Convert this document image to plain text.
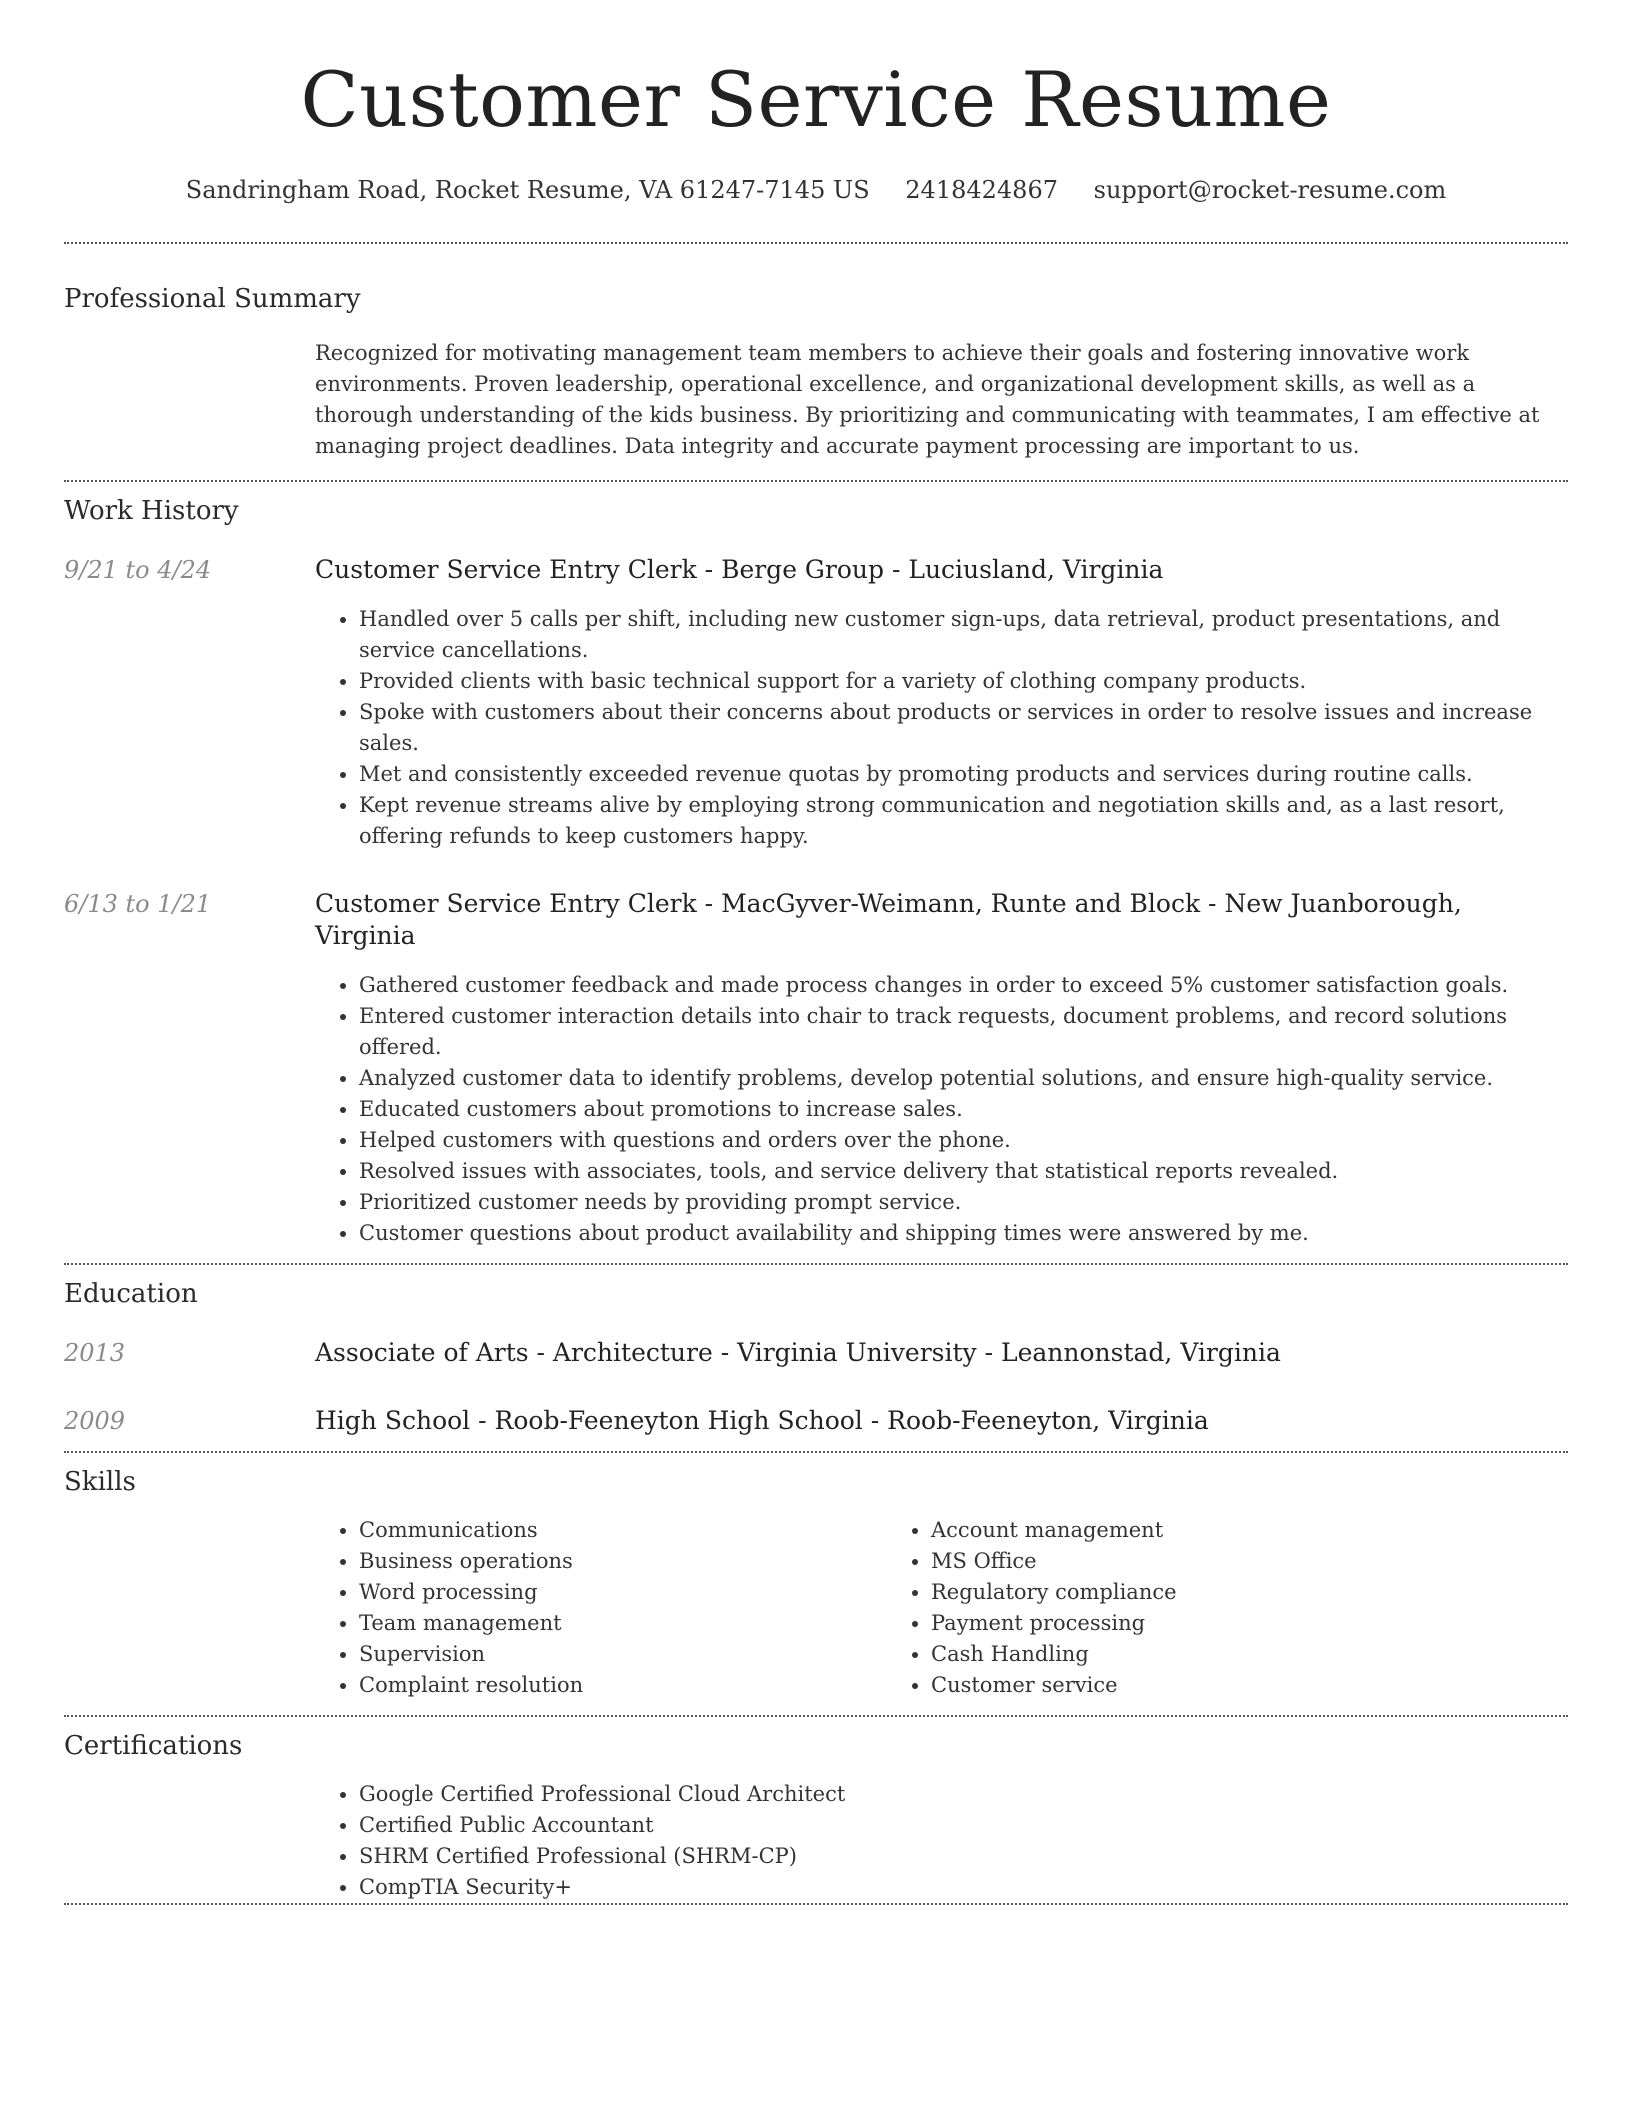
Customer Service Resume
Sandringham Road, Rocket Resume, VA 61247-7145 US 2418424867 support@rocket-resume.com
Professional Summary

Recognized for motivating management team members to achieve their goals and fostering innovative work environments. Proven leadership, operational excellence, and organizational development skills, as well as a thorough understanding of the kids business. By prioritizing and communicating with teammates, I am effective at managing project deadlines. Data integrity and accurate payment processing are important to us.

Work History
9/21 to 4/24	Customer Service Entry Clerk - Berge Group - Luciusland, Virginia
• Handled over 5 calls per shift, including new customer sign-ups, data retrieval, product presentations, and service cancellations.
• Provided clients with basic technical support for a variety of clothing company products.
• Spoke with customers about their concerns about products or services in order to resolve issues and increase sales.
• Met and consistently exceeded revenue quotas by promoting products and services during routine calls.
• Kept revenue streams alive by employing strong communication and negotiation skills and, as a last resort, offering refunds to keep customers happy.
6/13 to 1/21	Customer Service Entry Clerk - MacGyver-Weimann, Runte and Block - New Juanborough, Virginia
• Gathered customer feedback and made process changes in order to exceed 5% customer satisfaction goals.
• Entered customer interaction details into chair to track requests, document problems, and record solutions offered.
• Analyzed customer data to identify problems, develop potential solutions, and ensure high-quality service.
• Educated customers about promotions to increase sales.
• Helped customers with questions and orders over the phone.
• Resolved issues with associates, tools, and service delivery that statistical reports revealed.
• Prioritized customer needs by providing prompt service.
• Customer questions about product availability and shipping times were answered by me.
Education
2013	Associate of Arts - Architecture - Virginia University - Leannonstad, Virginia
2009	High School - Roob-Feeneyton High School - Roob-Feeneyton, Virginia
Skills
• Communications
• Business operations
• Word processing
• Team management
• Supervision
• Complaint resolution
• Account management
• MS Office
• Regulatory compliance
• Payment processing
• Cash Handling
• Customer service
Certifications
• Google Certified Professional Cloud Architect
• Certified Public Accountant
• SHRM Certified Professional (SHRM-CP)
• CompTIA Security+
